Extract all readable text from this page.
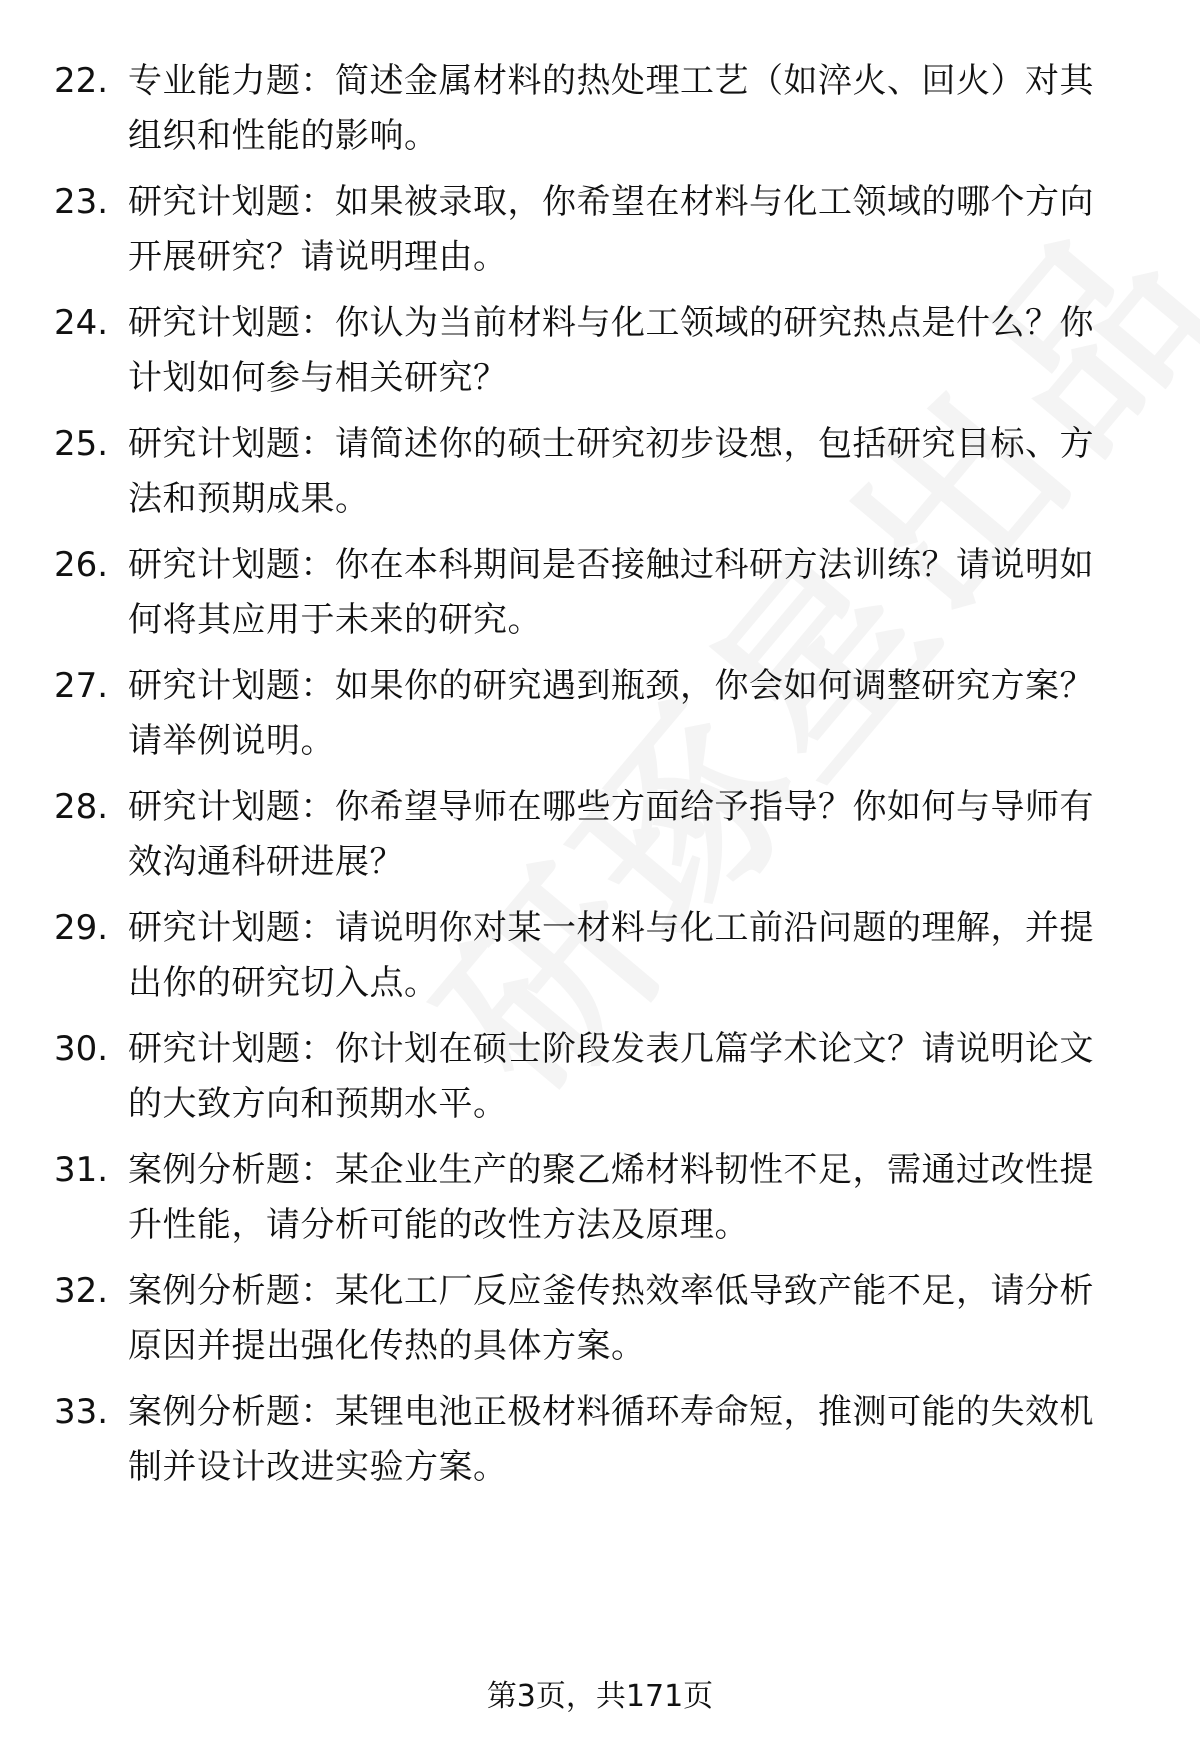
22. 专业能力题：简述金属材料的热处理工艺（如淬火、回火）对其
组织和性能的影响。
23. 研究计划题：如果被录取，你希望在材料与化工领域的哪个方向
开展研究？请说明理由。
24. 研究计划题：你认为当前材料与化工领域的研究热点是什么？你
计划如何参与相关研究？
25. 研究计划题：请简述你的硕士研究初步设想，包括研究目标、方
法和预期成果。
26. 研究计划题：你在本科期间是否接触过科研方法训练？请说明如
何将其应用于未来的研究。
27. 研究计划题：如果你的研究遇到瓶颈，你会如何调整研究方案？
请举例说明。
28. 研究计划题：你希望导师在哪些方面给予指导？你如何与导师有
效沟通科研进展？
29. 研究计划题：请说明你对某一材料与化工前沿问题的理解，并提
出你的研究切入点。
30. 研究计划题：你计划在硕士阶段发表几篇学术论文？请说明论文
的大致方向和预期水平。
31. 案例分析题：某企业生产的聚乙烯材料韧性不足，需通过改性提
升性能，请分析可能的改性方法及原理。
32. 案例分析题：某化工厂反应釜传热效率低导致产能不足，请分析
原因并提出强化传热的具体方案。
33. 案例分析题：某锂电池正极材料循环寿命短，推测可能的失效机
制并设计改进实验方案。
第3页，共171页
